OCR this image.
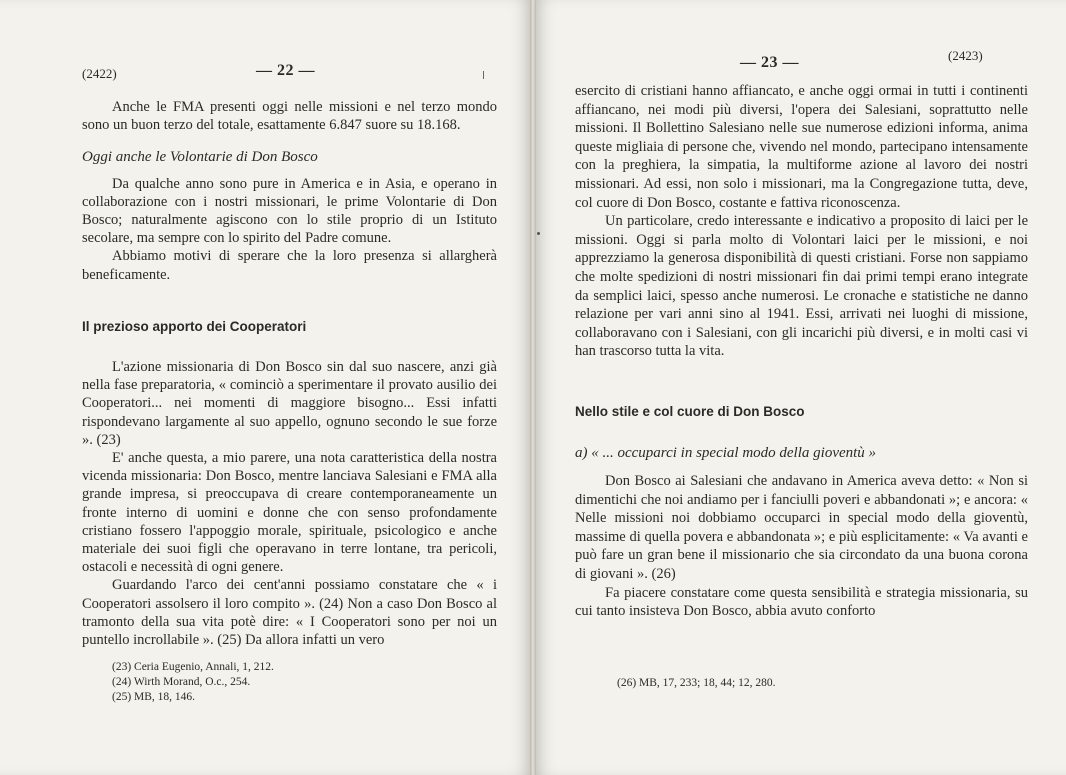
(2422)	— 22 —

Anche le FMA presenti oggi nelle missioni e nel terzo mondo sono un buon terzo del totale, esattamente 6.847 suore su 18.168.

Oggi anche le Volontarie di Don Bosco

Da qualche anno sono pure in America e in Asia, e operano in collaborazione con i nostri missionari, le prime Volontarie di Don Bosco; naturalmente agiscono con lo stile proprio di un Istituto secolare, ma sempre con lo spirito del Padre comune.

Abbiamo motivi di sperare che la loro presenza si allargherà beneficamente.

Il prezioso apporto dei Cooperatori

L'azione missionaria di Don Bosco sin dal suo nascere, anzi già nella fase preparatoria, « cominciò a sperimentare il provato ausilio dei Cooperatori... nei momenti di maggiore bisogno... Essi infatti rispondevano largamente al suo appello, ognuno secondo le sue forze ». (23)

E' anche questa, a mio parere, una nota caratteristica della nostra vicenda missionaria: Don Bosco, mentre lanciava Salesiani e FMA alla grande impresa, si preoccupava di creare contemporaneamente un fronte interno di uomini e donne che con senso profondamente cristiano fossero l'appoggio morale, spirituale, psicologico e anche materiale dei suoi figli che operavano in terre lontane, tra pericoli, ostacoli e necessità di ogni genere.

Guardando l'arco dei cent'anni possiamo constatare che « i Cooperatori assolsero il loro compito ». (24) Non a caso Don Bosco al tramonto della sua vita potè dire: « I Cooperatori sono per noi un puntello incrollabile ». (25) Da allora infatti un vero

(23) Ceria Eugenio, Annali, 1, 212.
(24) Wirth Morand, O.c., 254.
(25) MB, 18, 146.
— 23 —	(2423)

esercito di cristiani hanno affiancato, e anche oggi ormai in tutti i continenti affiancano, nei modi più diversi, l'opera dei Salesiani, soprattutto nelle missioni. Il Bollettino Salesiano nelle sue numerose edizioni informa, anima queste migliaia di persone che, vivendo nel mondo, partecipano intensamente con la preghiera, la simpatia, la multiforme azione al lavoro dei nostri missionari. Ad essi, non solo i missionari, ma la Congregazione tutta, deve, col cuore di Don Bosco, costante e fattiva riconoscenza.

Un particolare, credo interessante e indicativo a proposito di laici per le missioni. Oggi si parla molto di Volontari laici per le missioni, e noi apprezziamo la generosa disponibilità di questi cristiani. Forse non sappiamo che molte spedizioni di nostri missionari fin dai primi tempi erano integrate da semplici laici, spesso anche numerosi. Le cronache e statistiche ne danno relazione per vari anni sino al 1941. Essi, arrivati nei luoghi di missione, collaboravano con i Salesiani, con gli incarichi più diversi, e in molti casi vi han trascorso tutta la vita.

Nello stile e col cuore di Don Bosco

a) « ... occuparci in special modo della gioventù »

Don Bosco ai Salesiani che andavano in America aveva detto: « Non si dimentichi che noi andiamo per i fanciulli poveri e abbandonati »; e ancora: « Nelle missioni noi dobbiamo occuparci in special modo della gioventù, massime di quella povera e abbandonata »; e più esplicitamente: « Va avanti e può fare un gran bene il missionario che sia circondato da una buona corona di giovani ». (26)

Fa piacere constatare come questa sensibilità e strategia missionaria, su cui tanto insisteva Don Bosco, abbia avuto conforto

(26) MB, 17, 233; 18, 44; 12, 280.
